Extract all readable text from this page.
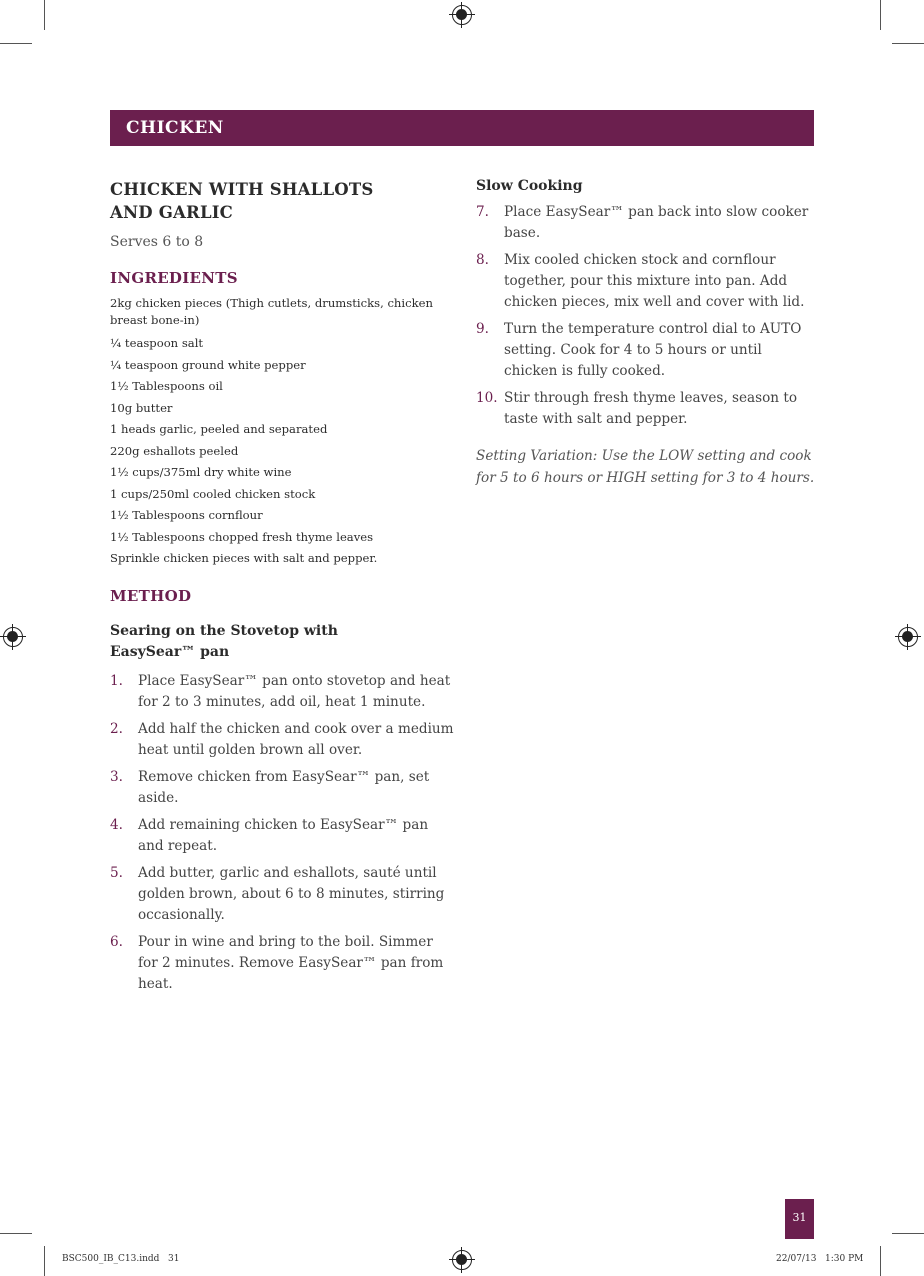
CHICKEN
CHICKEN WITH SHALLOTS
AND GARLIC
Serves 6 to 8
INGREDIENTS
2kg chicken pieces (Thigh cutlets, drumsticks, chicken breast bone-in)
¼ teaspoon salt
¼ teaspoon ground white pepper
1½ Tablespoons oil
10g butter
1 heads garlic, peeled and separated
220g eshallots peeled
1½ cups/375ml dry white wine
1 cups/250ml cooled chicken stock
1½ Tablespoons cornflour
1½ Tablespoons chopped fresh thyme leaves
Sprinkle chicken pieces with salt and pepper.
METHOD
Searing on the Stovetop with
EasySear™ pan
1.	Place EasySear™ pan onto stovetop and heat for 2 to 3 minutes, add oil, heat 1 minute.
2.	Add half the chicken and cook over a medium heat until golden brown all over.
3.	Remove chicken from EasySear™ pan, set aside.
4.	Add remaining chicken to EasySear™ pan and repeat.
5.	Add butter, garlic and eshallots, sauté until golden brown, about 6 to 8 minutes, stirring occasionally.
6.	Pour in wine and bring to the boil. Simmer for 2 minutes. Remove EasySear™ pan from heat.
Slow Cooking
7.	Place EasySear™ pan back into slow cooker base.
8.	Mix cooled chicken stock and cornflour together, pour this mixture into pan. Add chicken pieces, mix well and cover with lid.
9.	Turn the temperature control dial to AUTO setting. Cook for 4 to 5 hours or until chicken is fully cooked.
10. Stir through fresh thyme leaves, season to taste with salt and pepper.
Setting Variation: Use the LOW setting and cook for 5 to 6 hours or HIGH setting for 3 to 4 hours.
31
BSC500_IB_C13.indd   31	22/07/13   1:30 PM
